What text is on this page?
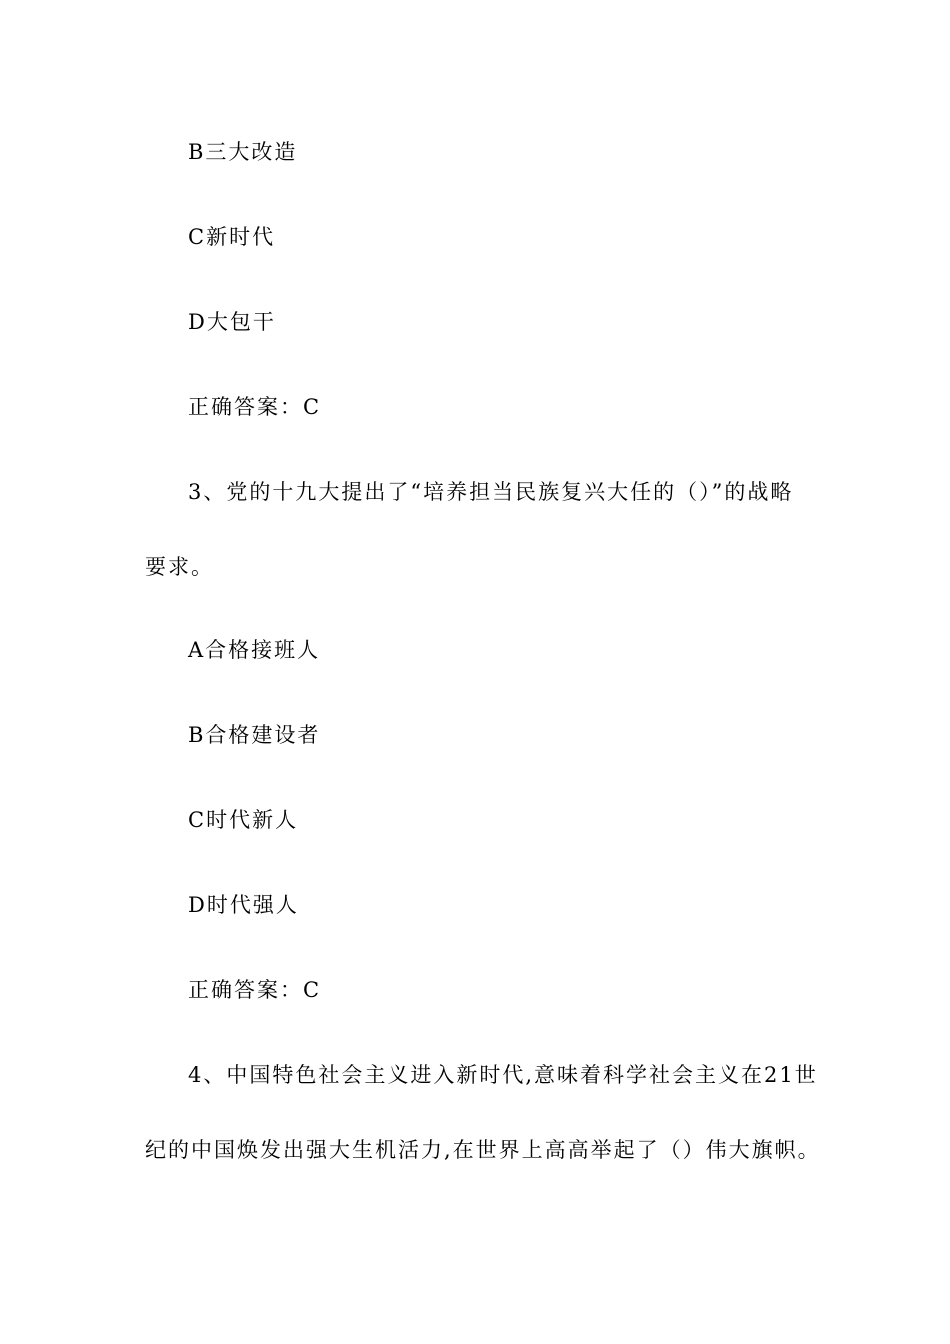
B三大改造
C新时代
D大包干
正确答案：C
3、党的十九大提出了“培养担当民族复兴大任的（）”的战略
要求。
A合格接班人
B合格建设者
C时代新人
D时代强人
正确答案：C
4、中国特色社会主义进入新时代,意味着科学社会主义在21世
纪的中国焕发出强大生机活力,在世界上高高举起了（）伟大旗帜。
